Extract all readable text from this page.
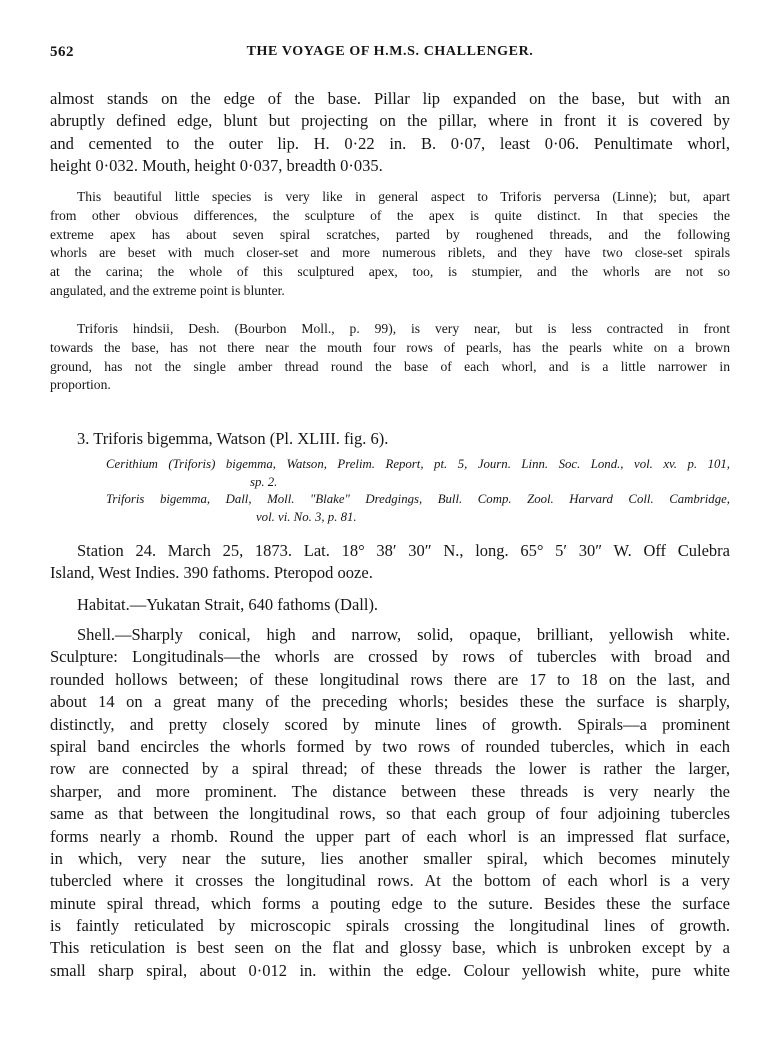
562	THE VOYAGE OF H.M.S. CHALLENGER.
almost stands on the edge of the base. Pillar lip expanded on the base, but with an
abruptly defined edge, blunt but projecting on the pillar, where in front it is covered by
and cemented to the outer lip. H. 0·22 in. B. 0·07, least 0·06. Penultimate whorl,
height 0·032. Mouth, height 0·037, breadth 0·035.
This beautiful little species is very like in general aspect to Triforis perversa (Linne); but, apart
from other obvious differences, the sculpture of the apex is quite distinct. In that species the
extreme apex has about seven spiral scratches, parted by roughened threads, and the following
whorls are beset with much closer-set and more numerous riblets, and they have two close-set spirals
at the carina; the whole of this sculptured apex, too, is stumpier, and the whorls are not so
angulated, and the extreme point is blunter.
Triforis hindsii, Desh. (Bourbon Moll., p. 99), is very near, but is less contracted in front
towards the base, has not there near the mouth four rows of pearls, has the pearls white on a brown
ground, has not the single amber thread round the base of each whorl, and is a little narrower in
proportion.
3. Triforis bigemma, Watson (Pl. XLIII. fig. 6).
Cerithium (Triforis) bigemma, Watson, Prelim. Report, pt. 5, Journ. Linn. Soc. Lond., vol. xv. p. 101,
sp. 2.
Triforis bigemma, Dall, Moll. "Blake" Dredgings, Bull. Comp. Zool. Harvard Coll. Cambridge,
vol. vi. No. 3, p. 81.
Station 24. March 25, 1873. Lat. 18° 38′ 30″ N., long. 65° 5′ 30″ W. Off Culebra
Island, West Indies. 390 fathoms. Pteropod ooze.
Habitat.—Yukatan Strait, 640 fathoms (Dall).
Shell.—Sharply conical, high and narrow, solid, opaque, brilliant, yellowish white.
Sculpture: Longitudinals—the whorls are crossed by rows of tubercles with broad and
rounded hollows between; of these longitudinal rows there are 17 to 18 on the last, and
about 14 on a great many of the preceding whorls; besides these the surface is sharply,
distinctly, and pretty closely scored by minute lines of growth. Spirals—a prominent
spiral band encircles the whorls formed by two rows of rounded tubercles, which in each
row are connected by a spiral thread; of these threads the lower is rather the larger,
sharper, and more prominent. The distance between these threads is very nearly the
same as that between the longitudinal rows, so that each group of four adjoining tubercles
forms nearly a rhomb. Round the upper part of each whorl is an impressed flat surface,
in which, very near the suture, lies another smaller spiral, which becomes minutely
tubercled where it crosses the longitudinal rows. At the bottom of each whorl is a very
minute spiral thread, which forms a pouting edge to the suture. Besides these the surface
is faintly reticulated by microscopic spirals crossing the longitudinal lines of growth.
This reticulation is best seen on the flat and glossy base, which is unbroken except by a
small sharp spiral, about 0·012 in. within the edge. Colour yellowish white, pure white
